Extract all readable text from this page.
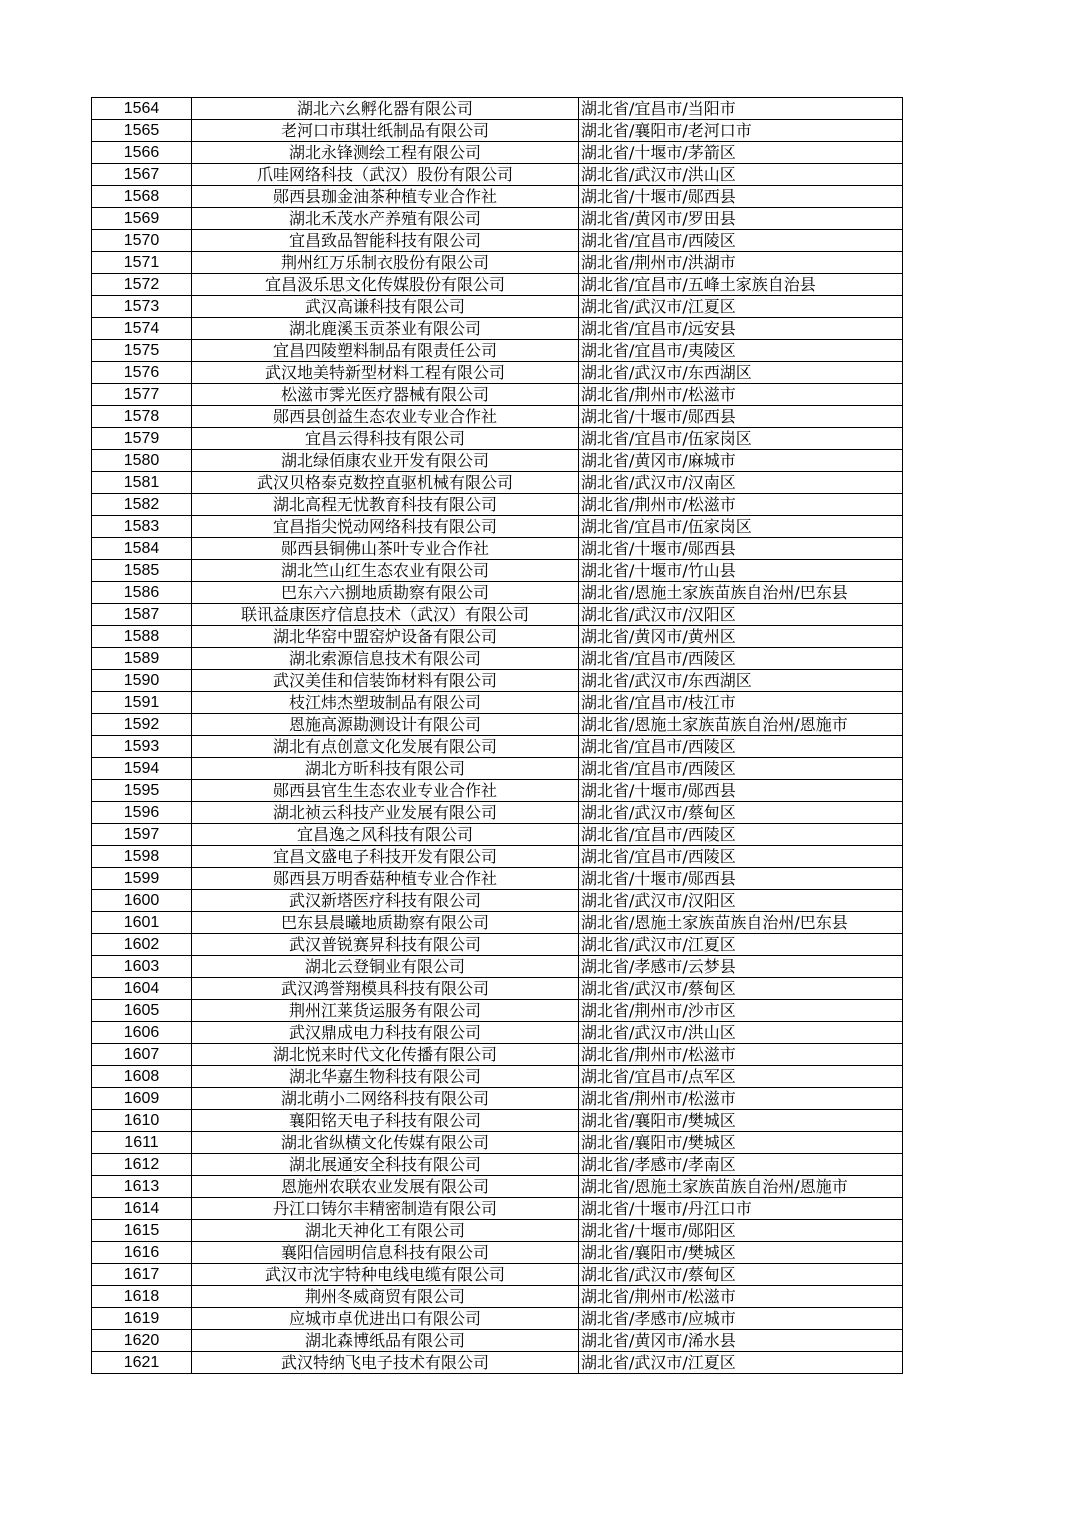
1564	湖北六幺孵化器有限公司	湖北省/宜昌市/当阳市
1565	老河口市琪壮纸制品有限公司	湖北省/襄阳市/老河口市
1566	湖北永锋测绘工程有限公司	湖北省/十堰市/茅箭区
1567	爪哇网络科技（武汉）股份有限公司	湖北省/武汉市/洪山区
1568	郧西县珈金油茶种植专业合作社	湖北省/十堰市/郧西县
1569	湖北禾茂水产养殖有限公司	湖北省/黄冈市/罗田县
1570	宜昌致品智能科技有限公司	湖北省/宜昌市/西陵区
1571	荆州红万乐制衣股份有限公司	湖北省/荆州市/洪湖市
1572	宜昌汲乐思文化传媒股份有限公司	湖北省/宜昌市/五峰土家族自治县
1573	武汉高谦科技有限公司	湖北省/武汉市/江夏区
1574	湖北鹿溪玉贡茶业有限公司	湖北省/宜昌市/远安县
1575	宜昌四陵塑料制品有限责任公司	湖北省/宜昌市/夷陵区
1576	武汉地美特新型材料工程有限公司	湖北省/武汉市/东西湖区
1577	松滋市霁光医疗器械有限公司	湖北省/荆州市/松滋市
1578	郧西县创益生态农业专业合作社	湖北省/十堰市/郧西县
1579	宜昌云得科技有限公司	湖北省/宜昌市/伍家岗区
1580	湖北绿佰康农业开发有限公司	湖北省/黄冈市/麻城市
1581	武汉贝格泰克数控直驱机械有限公司	湖北省/武汉市/汉南区
1582	湖北高程无忧教育科技有限公司	湖北省/荆州市/松滋市
1583	宜昌指尖悦动网络科技有限公司	湖北省/宜昌市/伍家岗区
1584	郧西县铜佛山茶叶专业合作社	湖北省/十堰市/郧西县
1585	湖北竺山红生态农业有限公司	湖北省/十堰市/竹山县
1586	巴东六六捌地质勘察有限公司	湖北省/恩施土家族苗族自治州/巴东县
1587	联讯益康医疗信息技术（武汉）有限公司	湖北省/武汉市/汉阳区
1588	湖北华窑中盟窑炉设备有限公司	湖北省/黄冈市/黄州区
1589	湖北索源信息技术有限公司	湖北省/宜昌市/西陵区
1590	武汉美佳和信装饰材料有限公司	湖北省/武汉市/东西湖区
1591	枝江炜杰塑玻制品有限公司	湖北省/宜昌市/枝江市
1592	恩施高源勘测设计有限公司	湖北省/恩施土家族苗族自治州/恩施市
1593	湖北有点创意文化发展有限公司	湖北省/宜昌市/西陵区
1594	湖北方昕科技有限公司	湖北省/宜昌市/西陵区
1595	郧西县官生生态农业专业合作社	湖北省/十堰市/郧西县
1596	湖北祯云科技产业发展有限公司	湖北省/武汉市/蔡甸区
1597	宜昌逸之风科技有限公司	湖北省/宜昌市/西陵区
1598	宜昌文盛电子科技开发有限公司	湖北省/宜昌市/西陵区
1599	郧西县万明香菇种植专业合作社	湖北省/十堰市/郧西县
1600	武汉新塔医疗科技有限公司	湖北省/武汉市/汉阳区
1601	巴东县晨曦地质勘察有限公司	湖北省/恩施土家族苗族自治州/巴东县
1602	武汉普锐赛昇科技有限公司	湖北省/武汉市/江夏区
1603	湖北云登铜业有限公司	湖北省/孝感市/云梦县
1604	武汉鸿誉翔模具科技有限公司	湖北省/武汉市/蔡甸区
1605	荆州江莱货运服务有限公司	湖北省/荆州市/沙市区
1606	武汉鼎成电力科技有限公司	湖北省/武汉市/洪山区
1607	湖北悦来时代文化传播有限公司	湖北省/荆州市/松滋市
1608	湖北华嘉生物科技有限公司	湖北省/宜昌市/点军区
1609	湖北萌小二网络科技有限公司	湖北省/荆州市/松滋市
1610	襄阳铭天电子科技有限公司	湖北省/襄阳市/樊城区
1611	湖北省纵横文化传媒有限公司	湖北省/襄阳市/樊城区
1612	湖北展通安全科技有限公司	湖北省/孝感市/孝南区
1613	恩施州农联农业发展有限公司	湖北省/恩施土家族苗族自治州/恩施市
1614	丹江口铸尔丰精密制造有限公司	湖北省/十堰市/丹江口市
1615	湖北天神化工有限公司	湖北省/十堰市/郧阳区
1616	襄阳信园明信息科技有限公司	湖北省/襄阳市/樊城区
1617	武汉市沈宇特种电线电缆有限公司	湖北省/武汉市/蔡甸区
1618	荆州冬威商贸有限公司	湖北省/荆州市/松滋市
1619	应城市卓优进出口有限公司	湖北省/孝感市/应城市
1620	湖北森博纸品有限公司	湖北省/黄冈市/浠水县
1621	武汉特纳飞电子技术有限公司	湖北省/武汉市/江夏区
